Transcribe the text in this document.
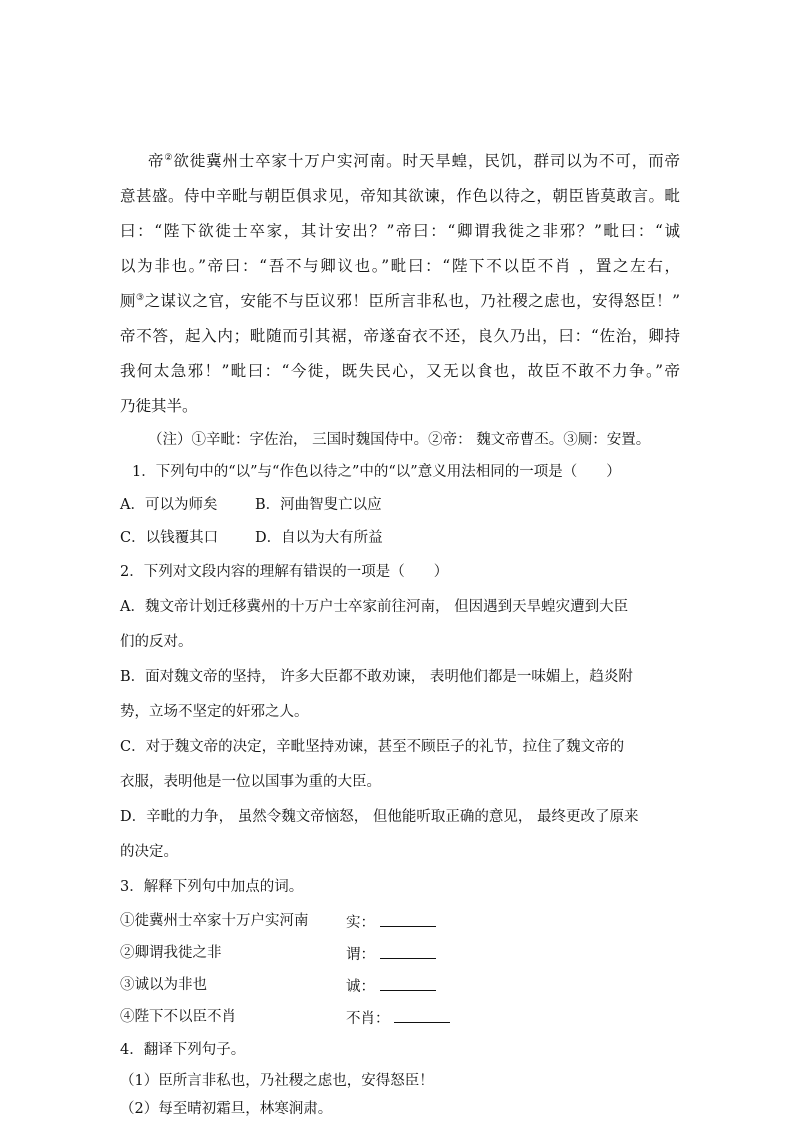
帝②欲徙冀州士卒家十万户实河南。时天旱蝗，民饥，群司以为不可，而帝
意甚盛。侍中辛毗与朝臣俱求见，帝知其欲谏，作色以待之，朝臣皆莫敢言。毗
曰：“陛下欲徙士卒家，其计安出？”帝曰：“卿谓我徙之非邪？”毗曰：“诚
以为非也。”帝曰：“吾不与卿议也。”毗曰：“陛下不以臣不肖 ，置之左右，
厕③之谋议之官，安能不与臣议邪！臣所言非私也，乃社稷之虑也，安得怒臣！”
帝不答，起入内；毗随而引其裾，帝遂奋衣不还，良久乃出，曰：“佐治，卿持
我何太急邪！”毗曰：“今徙，既失民心，又无以食也，故臣不敢不力争。”帝
乃徙其半。
（注）①辛毗：字佐治， 三国时魏国侍中。②帝： 魏文帝曹丕。③厕：安置。
1．下列句中的“以”与“作色以待之”中的“以”意义用法相同的一项是（　　）
A．可以为师矣	B．河曲智叟亡以应
C．以钱覆其口	D．自以为大有所益
2．下列对文段内容的理解有错误的一项是（　　）
A．魏文帝计划迁移冀州的十万户士卒家前往河南， 但因遇到天旱蝗灾遭到大臣
们的反对。
B．面对魏文帝的坚持， 许多大臣都不敢劝谏， 表明他们都是一味媚上，趋炎附
势，立场不坚定的奸邪之人。
C．对于魏文帝的决定，辛毗坚持劝谏，甚至不顾臣子的礼节，拉住了魏文帝的
衣服，表明他是一位以国事为重的大臣。
D．辛毗的力争， 虽然令魏文帝恼怒， 但他能听取正确的意见， 最终更改了原来
的决定。
3．解释下列句中加点的词。
①徙冀州士卒家十万户实河南	实：
②卿谓我徙之非	谓：
③诚以为非也	诚：
④陛下不以臣不肖	不肖：
4．翻译下列句子。
（1）臣所言非私也，乃社稷之虑也，安得怒臣！
（2）每至晴初霜旦，林寒涧肃。
